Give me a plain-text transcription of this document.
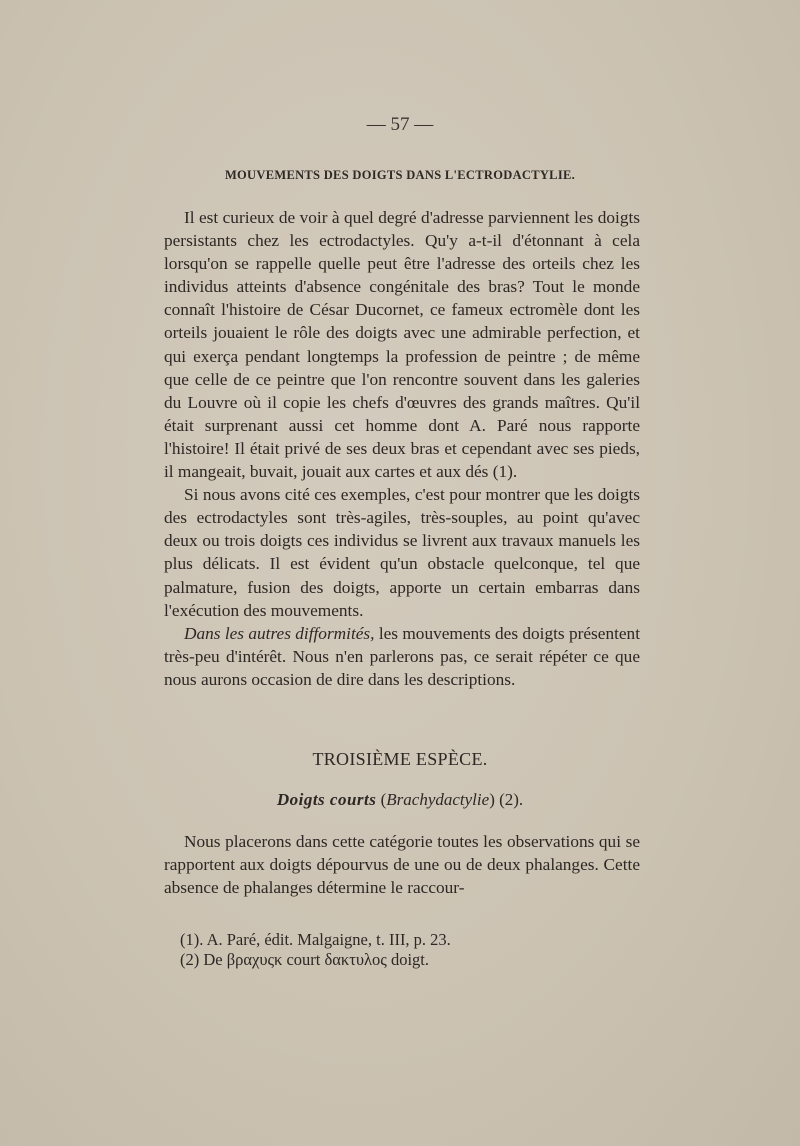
— 57 —
MOUVEMENTS DES DOIGTS DANS L'ECTRODACTYLIE.

Il est curieux de voir à quel degré d'adresse parviennent les doigts persistants chez les ectrodactyles. Qu'y a-t-il d'étonnant à cela lorsqu'on se rappelle quelle peut être l'adresse des orteils chez les individus atteints d'absence congénitale des bras? Tout le monde connaît l'histoire de César Ducornet, ce fameux ectromèle dont les orteils jouaient le rôle des doigts avec une admirable perfection, et qui exerça pendant longtemps la profession de peintre ; de même que celle de ce peintre que l'on rencontre souvent dans les galeries du Louvre où il copie les chefs d'œuvres des grands maîtres. Qu'il était surprenant aussi cet homme dont A. Paré nous rapporte l'histoire! Il était privé de ses deux bras et cependant avec ses pieds, il mangeait, buvait, jouait aux cartes et aux dés (1).

Si nous avons cité ces exemples, c'est pour montrer que les doigts des ectrodactyles sont très-agiles, très-souples, au point qu'avec deux ou trois doigts ces individus se livrent aux travaux manuels les plus délicats. Il est évident qu'un obstacle quelconque, tel que palmature, fusion des doigts, apporte un certain embarras dans l'exécution des mouvements.

Dans les autres difformités, les mouvements des doigts présentent très-peu d'intérêt. Nous n'en parlerons pas, ce serait répéter ce que nous aurons occasion de dire dans les descriptions.

TROISIÈME ESPÈCE.
Doigts courts (Brachydactylie) (2).

Nous placerons dans cette catégorie toutes les observations qui se rapportent aux doigts dépourvus de une ou de deux phalanges. Cette absence de phalanges détermine le raccour-

(1). A. Paré, édit. Malgaigne, t. III, p. 23.
(2) De βραχυςκ court δακτυλος doigt.
